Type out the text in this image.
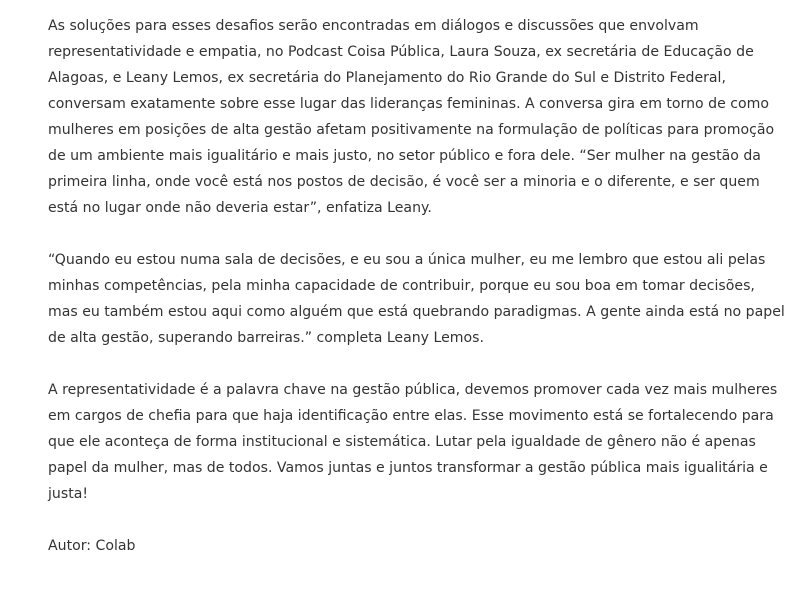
As soluções para esses desafios serão encontradas em diálogos e discussões que envolvam representatividade e empatia, no Podcast Coisa Pública, Laura Souza, ex secretária de Educação de Alagoas, e Leany Lemos, ex secretária do Planejamento do Rio Grande do Sul e Distrito Federal, conversam exatamente sobre esse lugar das lideranças femininas. A conversa gira em torno de como mulheres em posições de alta gestão afetam positivamente na formulação de políticas para promoção de um ambiente mais igualitário e mais justo, no setor público e fora dele. “Ser mulher na gestão da primeira linha, onde você está nos postos de decisão, é você ser a minoria e o diferente, e ser quem está no lugar onde não deveria estar”, enfatiza Leany.

“Quando eu estou numa sala de decisões, e eu sou a única mulher, eu me lembro que estou ali pelas minhas competências, pela minha capacidade de contribuir, porque eu sou boa em tomar decisões, mas eu também estou aqui como alguém que está quebrando paradigmas. A gente ainda está no papel de alta gestão, superando barreiras.” completa Leany Lemos.

A representatividade é a palavra chave na gestão pública, devemos promover cada vez mais mulheres em cargos de chefia para que haja identificação entre elas. Esse movimento está se fortalecendo para que ele aconteça de forma institucional e sistemática. Lutar pela igualdade de gênero não é apenas papel da mulher, mas de todos. Vamos juntas e juntos transformar a gestão pública mais igualitária e justa!

Autor: Colab
